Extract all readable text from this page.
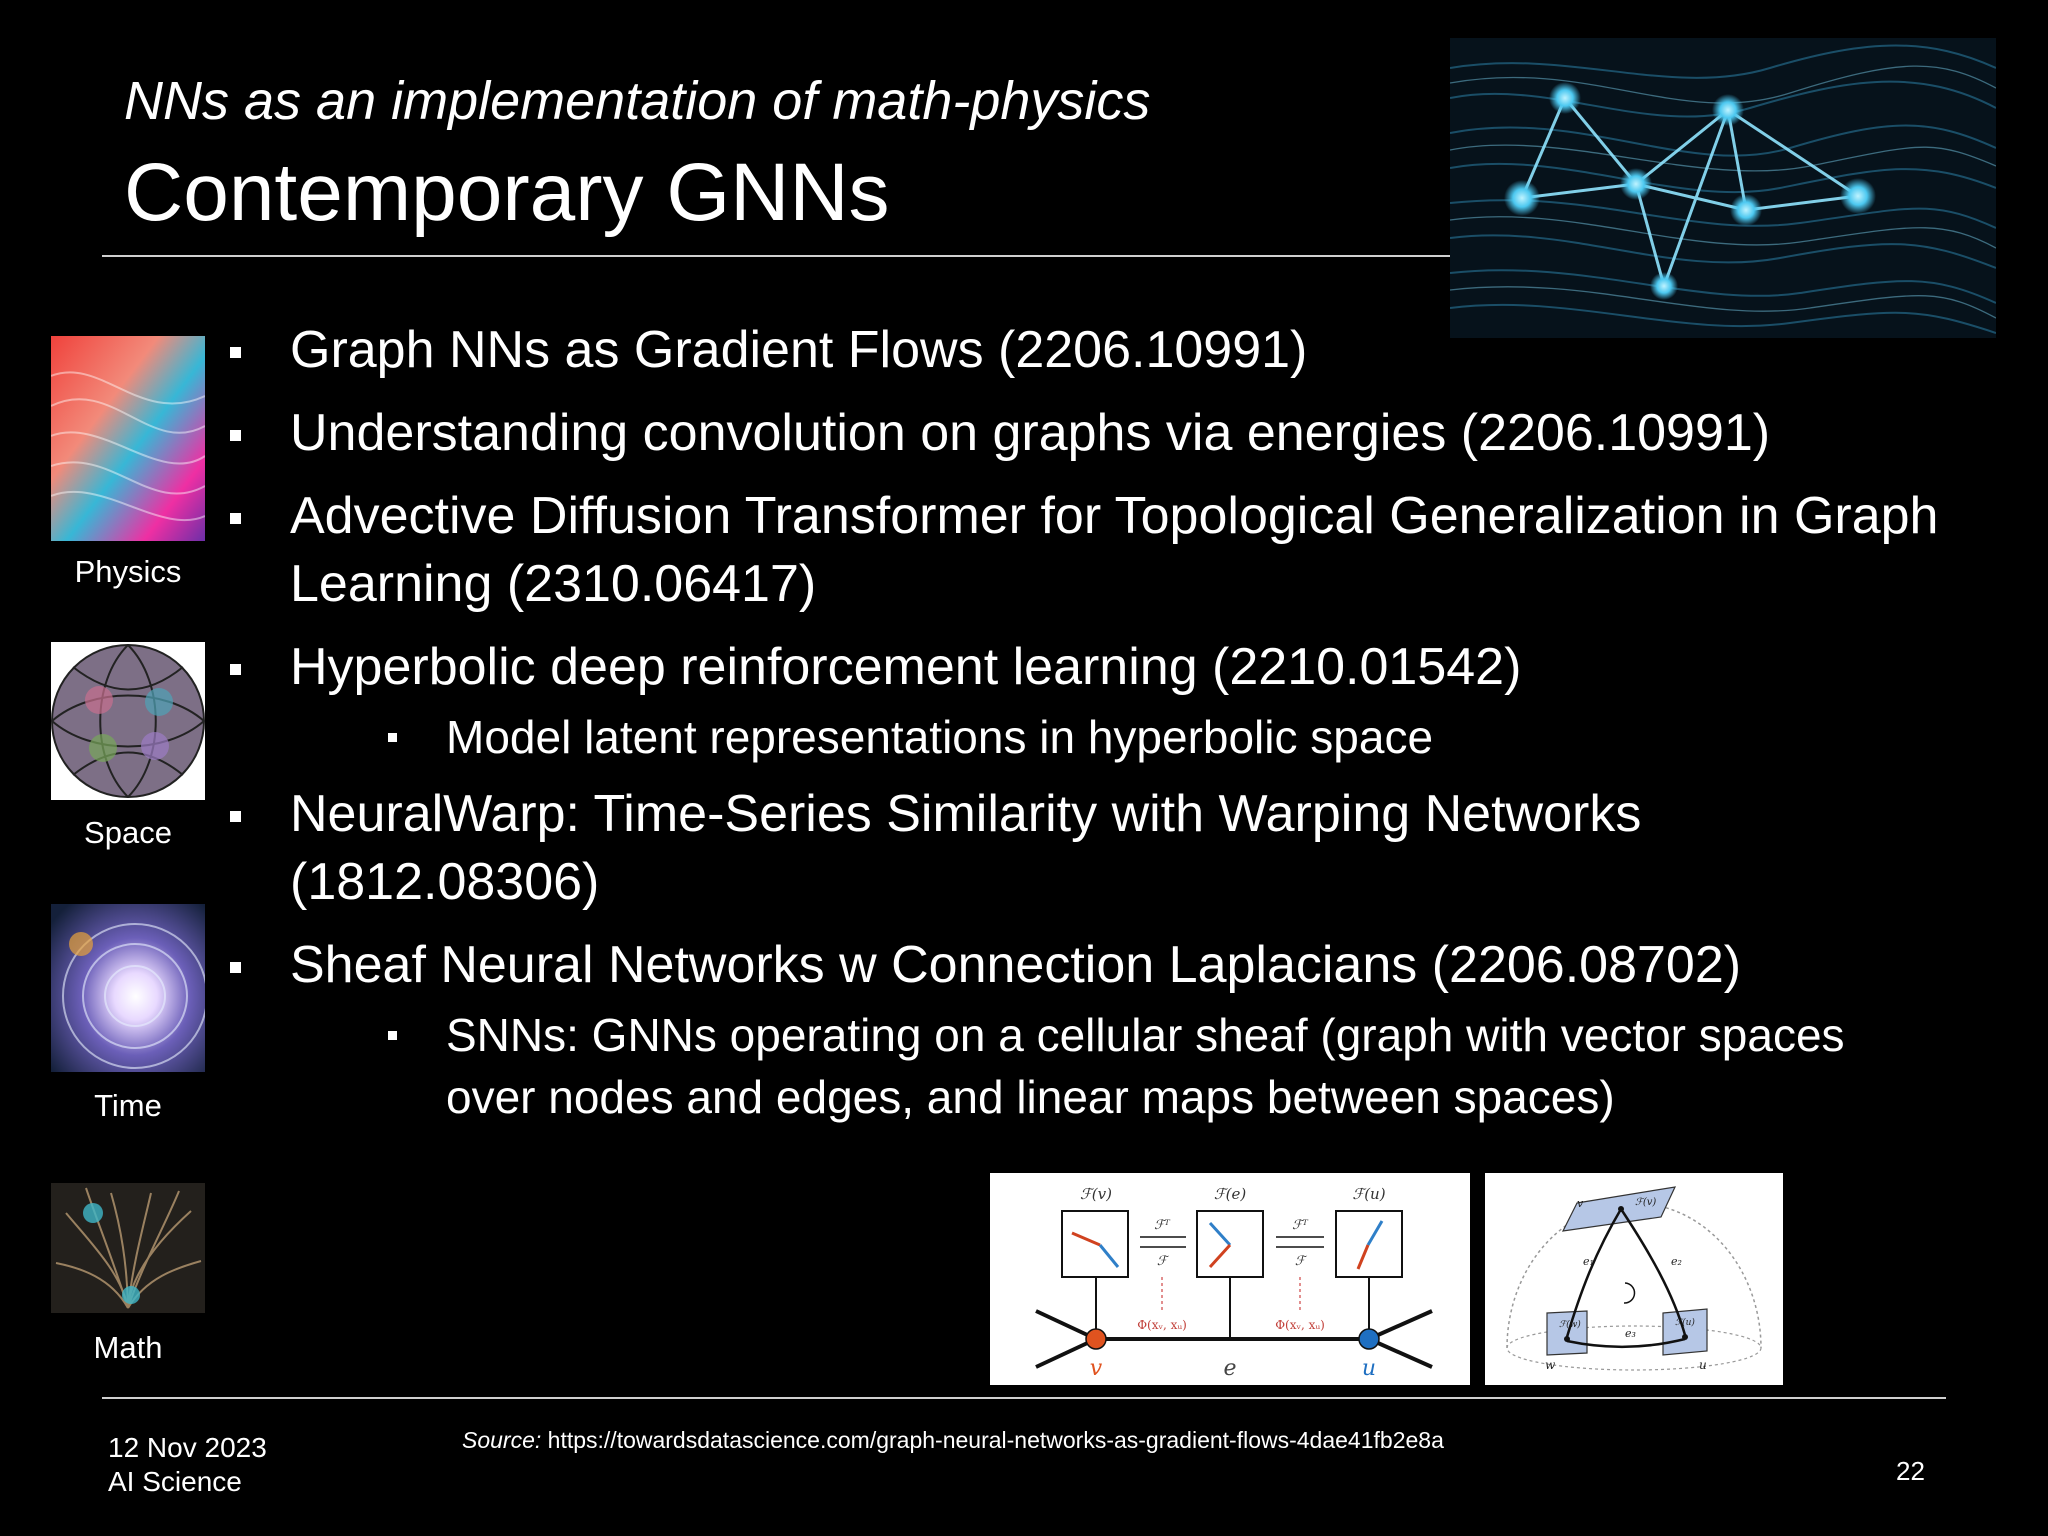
NNs as an implementation of math-physics
Contemporary GNNs
Physics
Space
Time
Math
Graph NNs as Gradient Flows (2206.10991)
Understanding convolution on graphs via energies (2206.10991)
Advective Diffusion Transformer for Topological Generalization in Graph Learning (2310.06417)
Hyperbolic deep reinforcement learning (2210.01542)
Model latent representations in hyperbolic space
NeuralWarp: Time-Series Similarity with Warping Networks (1812.08306)
Sheaf Neural Networks w Connection Laplacians (2206.08702)
SNNs: GNNs operating on a cellular sheaf (graph with vector spaces over nodes and edges, and linear maps between spaces)
ℱ(v)	ℱ(e)	ℱ(u)
ℱᵀ
ℱ
ℱᵀ
ℱ
Φ(xᵥ, xᵤ)	Φ(xᵥ, xᵤ)
v	e	u
v	ℱ(v)
ℱ(w)	ℱ(u)
e₁	e₂
e₃
w	u
12 Nov 2023
AI Science
Source: https://towardsdatascience.com/graph-neural-networks-as-gradient-flows-4dae41fb2e8a
22
